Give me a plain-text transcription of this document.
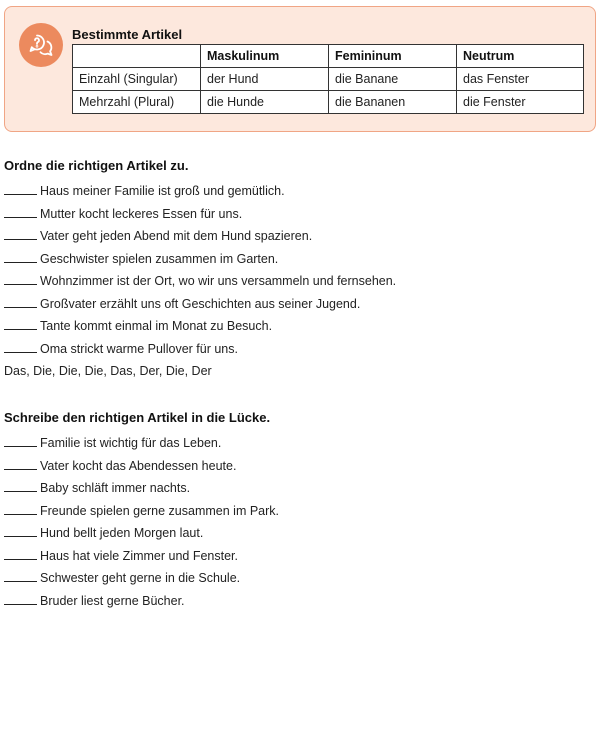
Bestimmte Artikel
	Maskulinum	Femininum	Neutrum
Einzahl (Singular)	der Hund	die Banane	das Fenster
Mehrzahl (Plural)	die Hunde	die Bananen	die Fenster
Ordne die richtigen Artikel zu.
Haus meiner Familie ist groß und gemütlich.
Mutter kocht leckeres Essen für uns.
Vater geht jeden Abend mit dem Hund spazieren.
Geschwister spielen zusammen im Garten.
Wohnzimmer ist der Ort, wo wir uns versammeln und fernsehen.
Großvater erzählt uns oft Geschichten aus seiner Jugend.
Tante kommt einmal im Monat zu Besuch.
Oma strickt warme Pullover für uns.
Das, Die, Die, Die, Das, Der, Die, Der
Schreibe den richtigen Artikel in die Lücke.
Familie ist wichtig für das Leben.
Vater kocht das Abendessen heute.
Baby schläft immer nachts.
Freunde spielen gerne zusammen im Park.
Hund bellt jeden Morgen laut.
Haus hat viele Zimmer und Fenster.
Schwester geht gerne in die Schule.
Bruder liest gerne Bücher.
